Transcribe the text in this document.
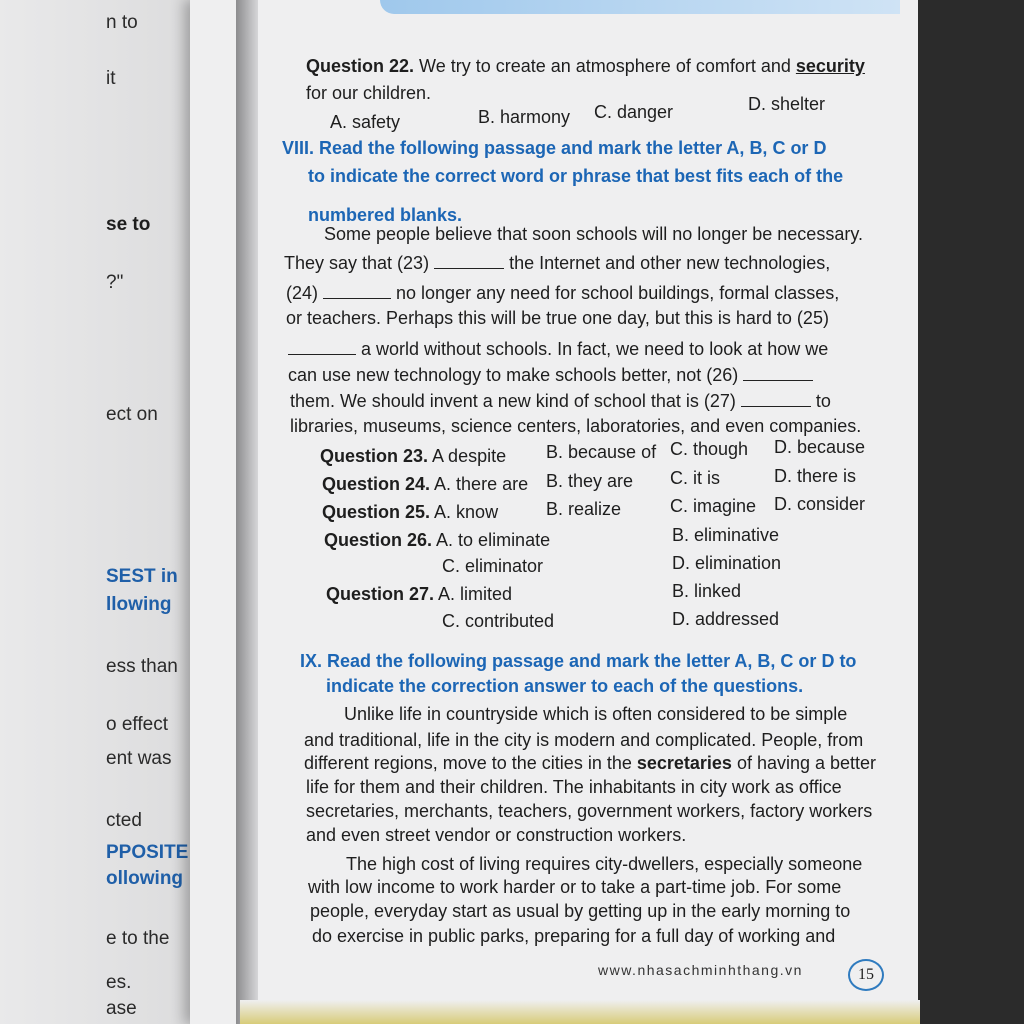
n to
it
se to
?"
ect on
SEST in
llowing
ess than
o effect
ent was
cted
PPOSITE
ollowing
e to the
es.
ase
Question 22. We try to create an atmosphere of comfort and security
for our children.
A. safety	B. harmony C. danger	D. shelter
VIII. Read the following passage and mark the letter A, B, C or D
to indicate the correct word or phrase that best fits each of the
numbered blanks.
Some people believe that soon schools will no longer be necessary.
They say that (23)	the Internet and other new technologies,
(24)	no longer any need for school buildings, formal classes,
or teachers. Perhaps this will be true one day, but this is hard to (25)
a world without schools. In fact, we need to look at how we
can use new technology to make schools better, not (26)
them. We should invent a new kind of school that is (27)	to
libraries, museums, science centers, laboratories, and even companies.
Question 23. A despite B. because of C. though D. because
Question 24. A. there are B. they are C. it is	D. there is
Question 25. A. know	B. realize	C. imagine D. consider
Question 26. A. to eliminate	B. eliminative
C. eliminator	D. elimination
Question 27. A. limited	B. linked
C. contributed	D. addressed
IX. Read the following passage and mark the letter A, B, C or D to
indicate the correction answer to each of the questions.
Unlike life in countryside which is often considered to be simple
and traditional, life in the city is modern and complicated. People, from
different regions, move to the cities in the secretaries of having a better
life for them and their children. The inhabitants in city work as office
secretaries, merchants, teachers, government workers, factory workers
and even street vendor or construction workers.
The high cost of living requires city-dwellers, especially someone
with low income to work harder or to take a part-time job. For some
people, everyday start as usual by getting up in the early morning to
do exercise in public parks, preparing for a full day of working and
www.nhasachminhthang.vn	15
